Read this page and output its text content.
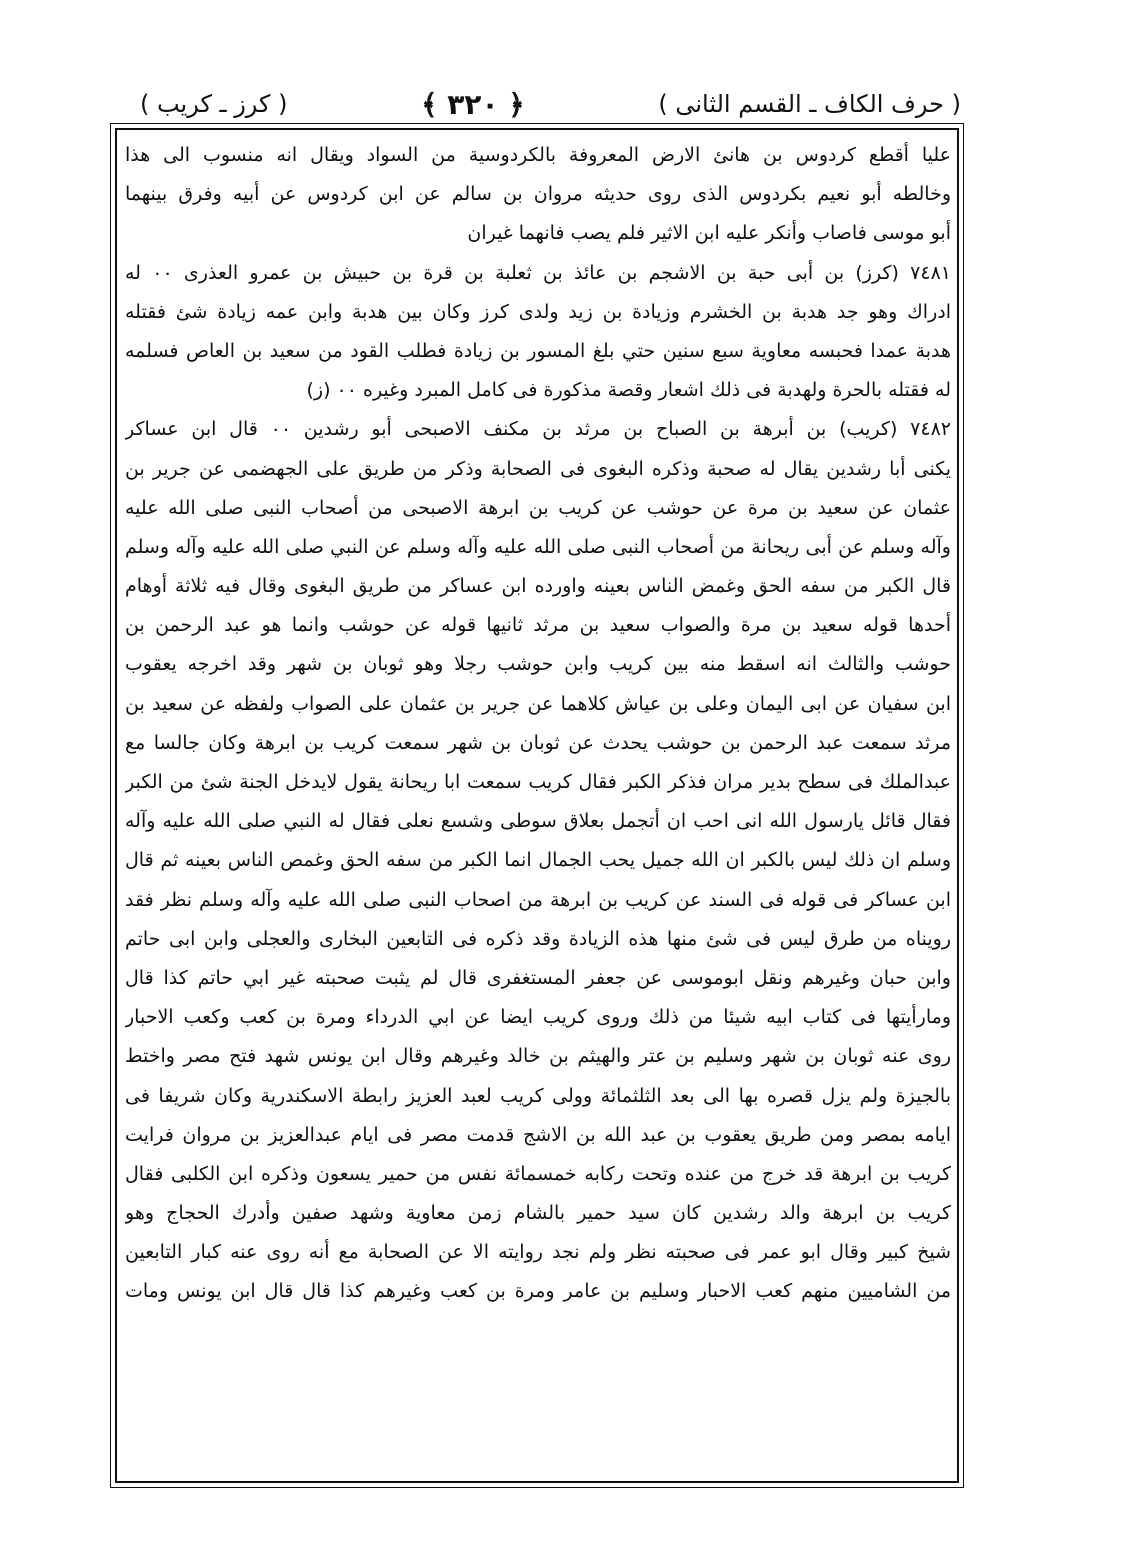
( حرف الكاف ـ القسم الثانى )
﴿ ٣٢٠ ﴾
( كرز ـ كريب )
عليا أقطع كردوس بن هانئ الارض المعروفة بالكردوسية من السواد ويقال انه منسوب الى هذا
وخالطه أبو نعيم بكردوس الذى روى حديثه مروان بن سالم عن ابن كردوس عن أبيه وفرق بينهما
أبو موسى فاصاب وأنكر عليه ابن الاثير فلم يصب فانهما غيران
٧٤٨١ (كرز) بن أبى حبة بن الاشجم بن عائذ بن ثعلبة بن قرة بن حبيش بن عمرو العذرى ٠٠ له
ادراك وهو جد هدبة بن الخشرم وزيادة بن زيد ولدى كرز وكان بين هدبة وابن عمه زيادة شئ فقتله
هدبة عمدا فحبسه معاوية سبع سنين حتي بلغ المسور بن زيادة فطلب القود من سعيد بن العاص فسلمه
له فقتله بالحرة ولهدبة فى ذلك اشعار وقصة مذكورة فى كامل المبرد وغيره ٠٠ (ز)
٧٤٨٢ (كريب) بن أبرهة بن الصباح بن مرثد بن مكنف الاصبحى أبو رشدين ٠٠ قال ابن عساكر
يكنى أبا رشدين يقال له صحبة وذكره البغوى فى الصحابة وذكر من طريق على الجهضمى عن جرير بن
عثمان عن سعيد بن مرة عن حوشب عن كريب بن ابرهة الاصبحى من أصحاب النبى صلى الله عليه
وآله وسلم عن أبى ريحانة من أصحاب النبى صلى الله عليه وآله وسلم عن النبي صلى الله عليه وآله وسلم
قال الكبر من سفه الحق وغمض الناس بعينه واورده ابن عساكر من طريق البغوى وقال فيه ثلاثة أوهام
أحدها قوله سعيد بن مرة والصواب سعيد بن مرثد ثانيها قوله عن حوشب وانما هو عبد الرحمن بن
حوشب والثالث انه اسقط منه بين كريب وابن حوشب رجلا وهو ثوبان بن شهر وقد اخرجه يعقوب
ابن سفيان عن ابى اليمان وعلى بن عياش كلاهما عن جرير بن عثمان على الصواب ولفظه عن سعيد بن
مرثد سمعت عبد الرحمن بن حوشب يحدث عن ثوبان بن شهر سمعت كريب بن ابرهة وكان جالسا مع
عبدالملك فى سطح بدير مران فذكر الكبر فقال كريب سمعت ابا ريحانة يقول لايدخل الجنة شئ من الكبر
فقال قائل يارسول الله انى احب ان أتجمل بعلاق سوطى وشسع نعلى فقال له النبي صلى الله عليه وآله
وسلم ان ذلك ليس بالكبر ان الله جميل يحب الجمال انما الكبر من سفه الحق وغمص الناس بعينه ثم قال
ابن عساكر فى قوله فى السند عن كريب بن ابرهة من اصحاب النبى صلى الله عليه وآله وسلم نظر فقد
رويناه من طرق ليس فى شئ منها هذه الزيادة وقد ذكره فى التابعين البخارى والعجلى وابن ابى حاتم
وابن حبان وغيرهم ونقل ابوموسى عن جعفر المستغفرى قال لم يثبت صحبته غير ابي حاتم كذا قال
ومارأيتها فى كتاب ابيه شيئا من ذلك وروى كريب ايضا عن ابي الدرداء ومرة بن كعب وكعب الاحبار
روى عنه ثوبان بن شهر وسليم بن عتر والهيثم بن خالد وغيرهم وقال ابن يونس شهد فتح مصر واختط
بالجيزة ولم يزل قصره بها الى بعد الثلثمائة وولى كريب لعبد العزيز رابطة الاسكندرية وكان شريفا فى
ايامه بمصر ومن طريق يعقوب بن عبد الله بن الاشج قدمت مصر فى ايام عبدالعزيز بن مروان فرايت
كريب بن ابرهة قد خرج من عنده وتحت ركابه خمسمائة نفس من حمير يسعون وذكره ابن الكلبى فقال
كريب بن ابرهة والد رشدين كان سيد حمير بالشام زمن معاوية وشهد صفين وأدرك الحجاج وهو
شيخ كبير وقال ابو عمر فى صحبته نظر ولم نجد روايته الا عن الصحابة مع أنه روى عنه كبار التابعين
من الشاميين منهم كعب الاحبار وسليم بن عامر ومرة بن كعب وغيرهم كذا قال قال ابن يونس ومات
